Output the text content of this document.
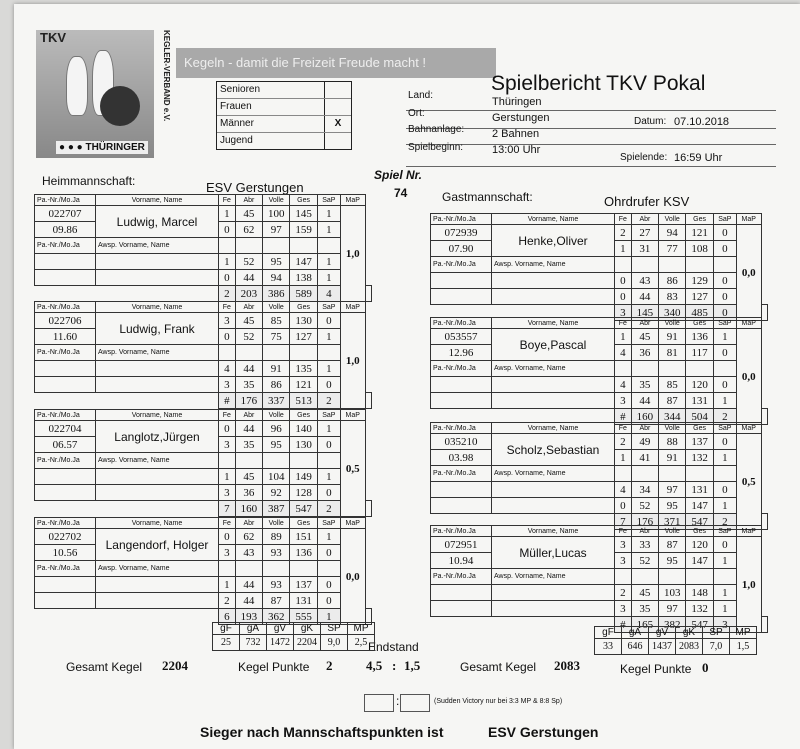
TKV
● ● ● THÜRINGER
KEGLER-VERBAND e.V.	Kegeln - damit die Freizeit Freude macht !
Senioren
Frauen
Männer	X
Jugend
Spielbericht TKV Pokal
Land:
Thüringen
Ort:	Gerstungen	Datum: 07.10.2018
Bahnanlage:	2 Bahnen
Spielbeginn:	13:00 Uhr
Spielende: 16:59 Uhr
Heimmannschaft:	ESV Gerstungen
Spiel Nr.
74	Gastmannschaft:	Ohrdrufer KSV
Pa.-Nr./Mo.Ja	Vorname, Name	Fe	Abr	Volle	Ges	SaP	MaP	
022707	Ludwig, Marcel	1	45	100	145	1	1,0	
09.86		0	62	97	159	1		
Pa.-Nr./Mo.Ja	Awsp. Vorname, Name							
		1	52	95	147	1		
		0	44	94	138	1		
		2	203	386	589	4		
Pa.-Nr./Mo.Ja	Vorname, Name	Fe	Abr	Volle	Ges	SaP	MaP	
022706	Ludwig, Frank	3	45	85	130	0	1,0	
11.60		0	52	75	127	1		
Pa.-Nr./Mo.Ja	Awsp. Vorname, Name							
		4	44	91	135	1		
		3	35	86	121	0		
		#	176	337	513	2		
Pa.-Nr./Mo.Ja	Vorname, Name	Fe	Abr	Volle	Ges	SaP	MaP	
022704	Langlotz,Jürgen	0	44	96	140	1	0,5	
06.57		3	35	95	130	0		
Pa.-Nr./Mo.Ja	Awsp. Vorname, Name							
		1	45	104	149	1		
		3	36	92	128	0		
		7	160	387	547	2		
Pa.-Nr./Mo.Ja	Vorname, Name	Fe	Abr	Volle	Ges	SaP	MaP	
022702	Langendorf, Holger	0	62	89	151	1	0,0	
10.56		3	43	93	136	0		
Pa.-Nr./Mo.Ja	Awsp. Vorname, Name							
		1	44	93	137	0		
		2	44	87	131	0		
		6	193	362	555	1		
Pa.-Nr./Mo.Ja	Vorname, Name	Fe	Abr	Volle	Ges	SaP	MaP	
072939	Henke,Oliver	2	27	94	121	0	0,0	
07.90		1	31	77	108	0		
Pa.-Nr./Mo.Ja	Awsp. Vorname, Name							
		0	43	86	129	0		
		0	44	83	127	0		
		3	145	340	485	0		
Pa.-Nr./Mo.Ja	Vorname, Name	Fe	Abr	Volle	Ges	SaP	MaP	
053557	Boye,Pascal	1	45	91	136	1	0,0	
12.96		4	36	81	117	0		
Pa.-Nr./Mo.Ja	Awsp. Vorname, Name							
		4	35	85	120	0		
		3	44	87	131	1		
		#	160	344	504	2		
Pa.-Nr./Mo.Ja	Vorname, Name	Fe	Abr	Volle	Ges	SaP	MaP	
035210	Scholz,Sebastian	2	49	88	137	0	0,5	
03.98		1	41	91	132	1		
Pa.-Nr./Mo.Ja	Awsp. Vorname, Name							
		4	34	97	131	0		
		0	52	95	147	1		
		7	176	371	547	2		
Pa.-Nr./Mo.Ja	Vorname, Name	Fe	Abr	Volle	Ges	SaP	MaP	
072951	Müller,Lucas	3	33	87	120	0	1,0	
10.94		3	52	95	147	1		
Pa.-Nr./Mo.Ja	Awsp. Vorname, Name							
		2	45	103	148	1		
		3	35	97	132	1		
		#	165	382	547	3		
Gesamt Kegel 2204	Kegel Punkte 2
Endstand
4,5 : 1,5	Gesamt Kegel 2083	Kegel Punkte 0
:	(Sudden Victory nur bei 3:3 MP & 8:8 Sp)
Sieger nach Mannschaftspunkten ist	ESV Gerstungen
gF	gA	gV	gK	SP	MP
25	732	1472	2204	9,0	2,5
gF	gA	gV	gK	SP	MP
33	646	1437	2083	7,0	1,5
